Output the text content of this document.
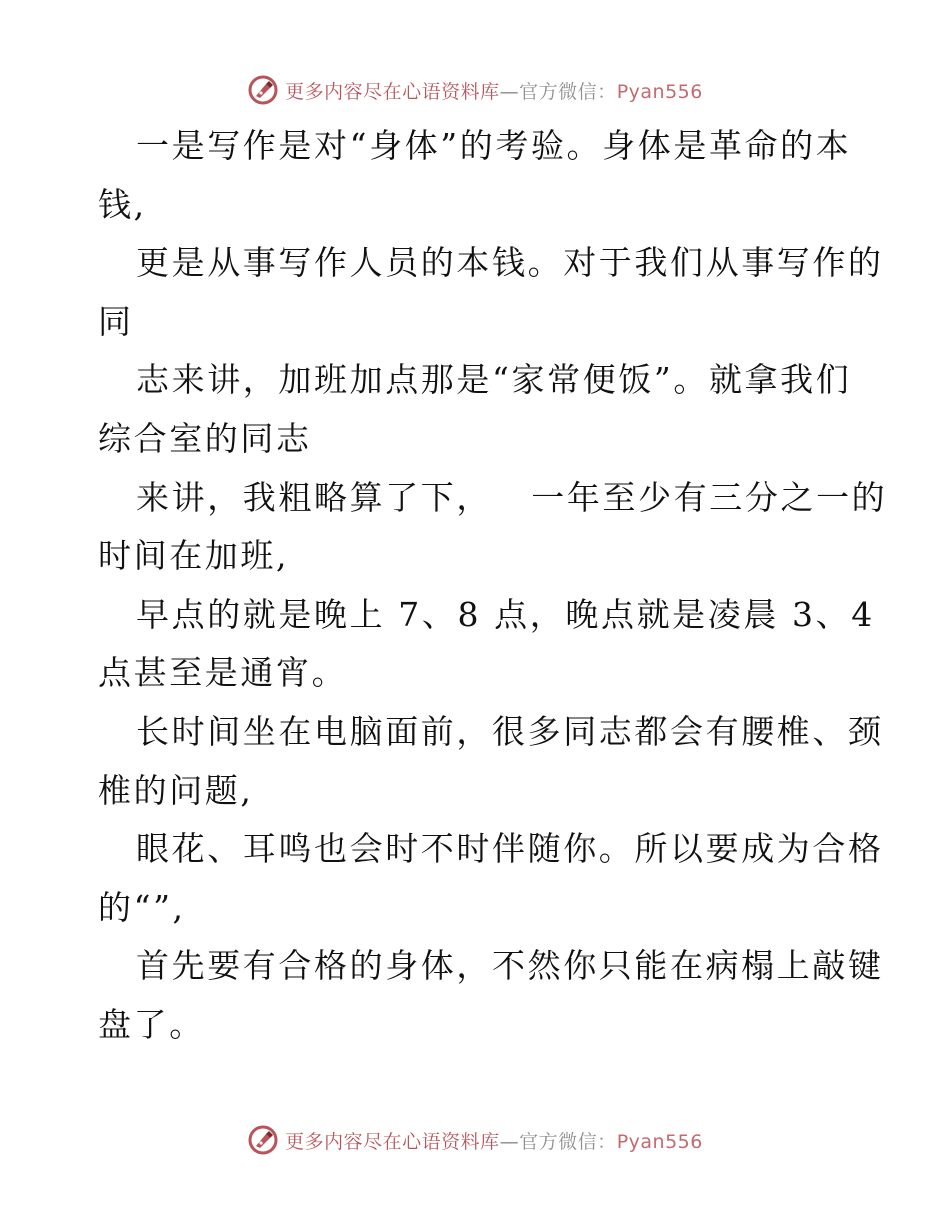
更多内容尽在心语资料库—官方微信：Pyan556
一是写作是对“身体”的考验。身体是革命的本
钱,
更是从事写作人员的本钱。对于我们从事写作的
同
志来讲，加班加点那是“家常便饭”。就拿我们
综合室的同志
来讲，我粗略算了下，   一年至少有三分之一的
时间在加班,
早点的就是晚上 7、8 点，晚点就是凌晨 3、4
点甚至是通宵。
长时间坐在电脑面前，很多同志都会有腰椎、颈
椎的问题,
眼花、耳鸣也会时不时伴随你。所以要成为合格
的“”,
首先要有合格的身体，不然你只能在病榻上敲键
盘了。
更多内容尽在心语资料库—官方微信：Pyan556
